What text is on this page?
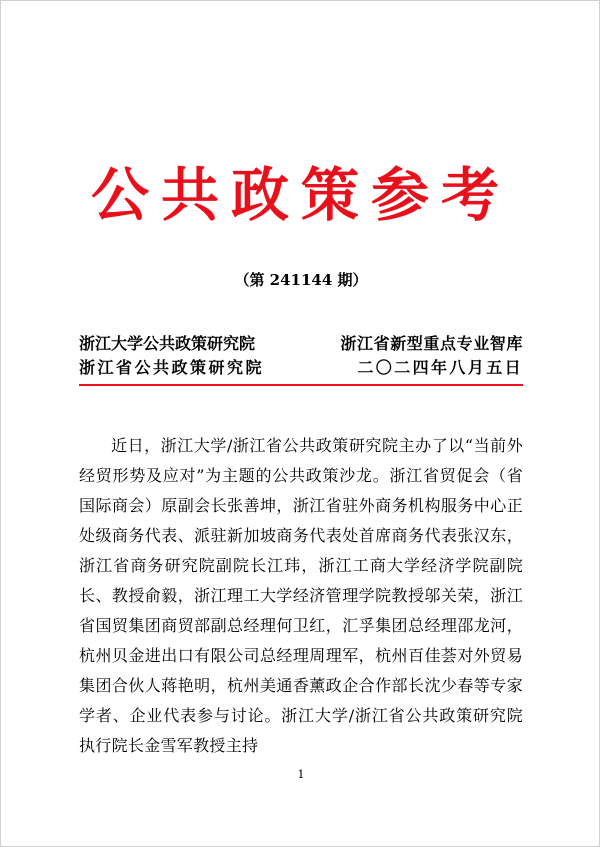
公共政策参考
（第 241144 期）
浙江大学公共政策研究院	浙江省新型重点专业智库
浙江省公共政策研究院	二〇二四年八月五日

近日，浙江大学/浙江省公共政策研究院主办了以“当前外经贸形势及应对”为主题的公共政策沙龙。浙江省贸促会（省国际商会）原副会长张善坤，浙江省驻外商务机构服务中心正处级商务代表、派驻新加坡商务代表处首席商务代表张汉东，浙江省商务研究院副院长江玮，浙江工商大学经济学院副院长、教授俞毅，浙江理工大学经济管理学院教授邬关荣，浙江省国贸集团商贸部副总经理何卫红，汇孚集团总经理邵龙河，杭州贝金进出口有限公司总经理周理军，杭州百佳荟对外贸易集团合伙人蒋艳明，杭州美通香薰政企合作部长沈少春等专家学者、企业代表参与讨论。浙江大学/浙江省公共政策研究院执行院长金雪军教授主持

1
